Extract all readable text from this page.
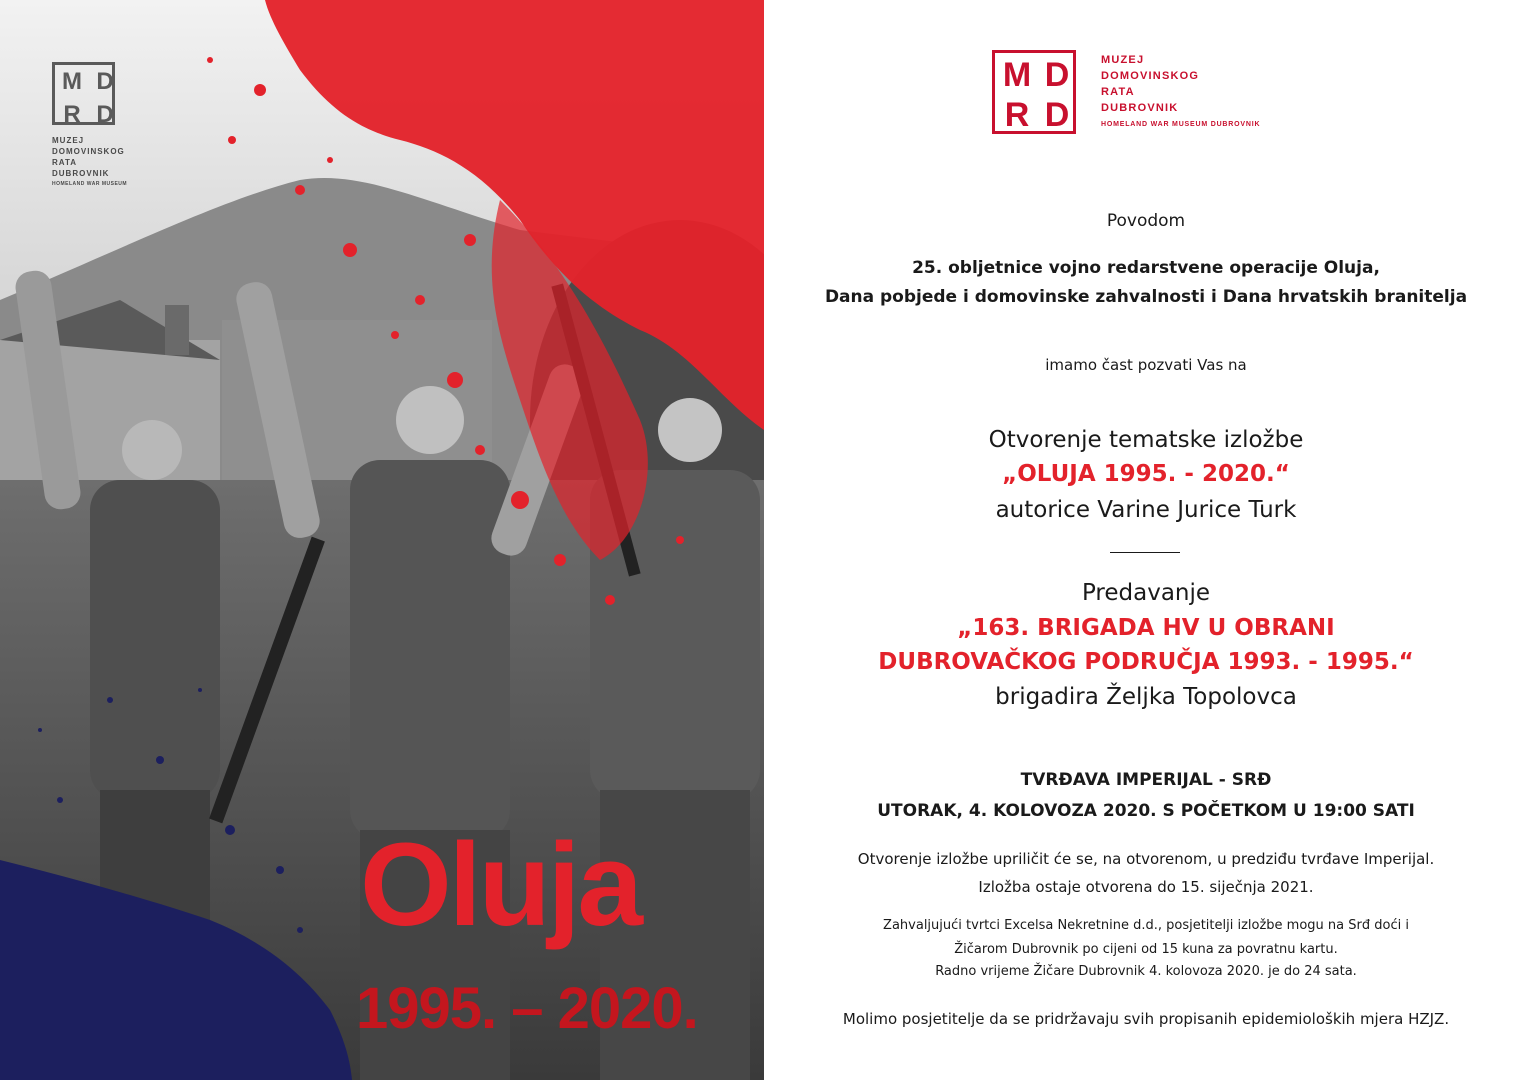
M D
R D
MUZEJ
DOMOVINSKOG
RATA
DUBROVNIK
HOMELAND WAR MUSEUM
Oluja
1995. – 2020.
M D
R D
MUZEJ
DOMOVINSKOG
RATA
DUBROVNIK
HOMELAND WAR MUSEUM DUBROVNIK
Povodom
25. obljetnice vojno redarstvene operacije Oluja,
Dana pobjede i domovinske zahvalnosti i Dana hrvatskih branitelja
imamo čast pozvati Vas na
Otvorenje tematske izložbe
„OLUJA 1995. - 2020.“
autorice Varine Jurice Turk
Predavanje
„163. BRIGADA HV U OBRANI
DUBROVAČKOG PODRUČJA 1993. - 1995.“
brigadira Željka Topolovca
TVRĐAVA IMPERIJAL - SRĐ
UTORAK, 4. KOLOVOZA 2020. S POČETKOM U 19:00 SATI
Otvorenje izložbe upriličit će se, na otvorenom, u predziđu tvrđave Imperijal.
Izložba ostaje otvorena do 15. siječnja 2021.
Zahvaljujući tvrtci Excelsa Nekretnine d.d., posjetitelji izložbe mogu na Srđ doći i
Žičarom Dubrovnik po cijeni od 15 kuna za povratnu kartu.
Radno vrijeme Žičare Dubrovnik 4. kolovoza 2020. je do 24 sata.
Molimo posjetitelje da se pridržavaju svih propisanih epidemioloških mjera HZJZ.
